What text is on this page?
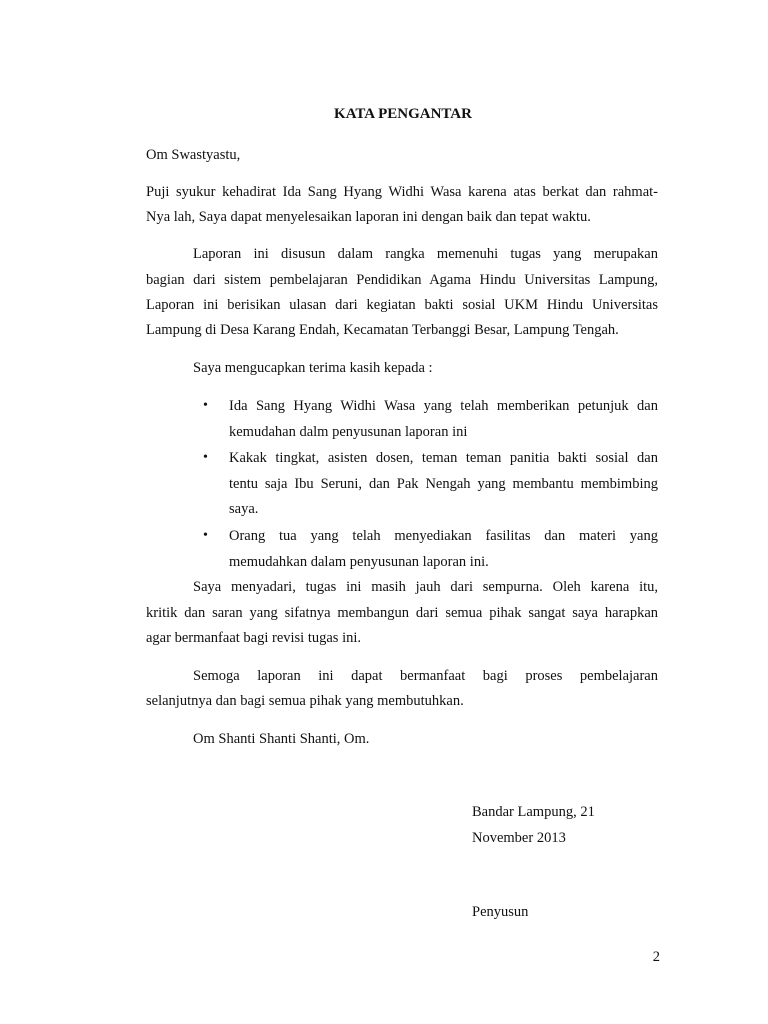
KATA PENGANTAR
Om Swastyastu,
Puji syukur kehadirat Ida Sang Hyang Widhi Wasa karena atas berkat dan rahmat-
Nya lah, Saya dapat menyelesaikan laporan ini dengan baik dan tepat waktu.
Laporan ini disusun dalam rangka memenuhi tugas yang merupakan
bagian dari sistem pembelajaran Pendidikan Agama Hindu Universitas Lampung,
Laporan ini berisikan ulasan dari kegiatan bakti sosial UKM Hindu Universitas
Lampung di Desa Karang Endah, Kecamatan Terbanggi Besar, Lampung Tengah.
Saya mengucapkan terima kasih kepada :
• Ida Sang Hyang Widhi Wasa yang telah memberikan petunjuk dan
kemudahan dalm penyusunan laporan ini
• Kakak tingkat, asisten dosen, teman teman panitia bakti sosial dan
tentu saja Ibu Seruni, dan Pak Nengah yang membantu membimbing
saya.
• Orang tua yang telah menyediakan fasilitas dan materi yang
memudahkan dalam penyusunan laporan ini.
Saya menyadari, tugas ini masih jauh dari sempurna. Oleh karena itu,
kritik dan saran yang sifatnya membangun dari semua pihak sangat saya harapkan
agar bermanfaat bagi revisi tugas ini.
Semoga laporan ini dapat bermanfaat bagi proses pembelajaran
selanjutnya dan bagi semua pihak yang membutuhkan.
Om Shanti Shanti Shanti, Om.
Bandar Lampung, 21
November 2013
Penyusun
2
